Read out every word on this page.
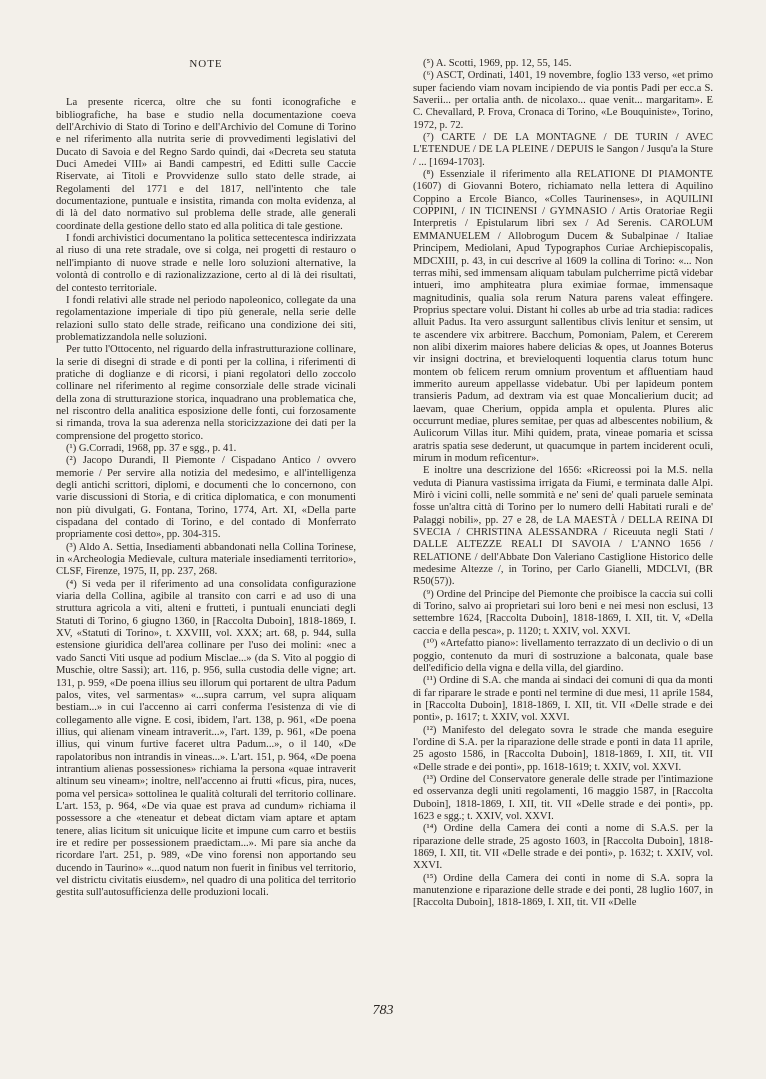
NOTE

La presente ricerca, oltre che su fonti iconografiche e bibliografiche, ha base e studio nella documentazione coeva dell'Archivio di Stato di Torino e dell'Archivio del Comune di Torino e nel riferimento alla nutrita serie di provvedimenti legislativi del Ducato di Savoia e del Regno Sardo quindi, dai «Decreta seu statuta Duci Amedei VIII» ai Bandi campestri, ed Editti sulle Caccie Riservate, ai Titoli e Provvidenze sullo stato delle strade, ai Regolamenti del 1771 e del 1817, nell'intento che tale documentazione, puntuale e insistita, rimanda con molta evidenza, al di là del dato normativo sul problema delle strade, alle generali coordinate della gestione dello stato ed alla politica di tale gestione.

I fondi archivistici documentano la politica settecentesca indirizzata al riuso di una rete stradale, ove si colga, nei progetti di restauro o nell'impianto di nuove strade e nelle loro soluzioni alternative, la volontà di controllo e di razionalizzazione, certo al di là dei risultati, del contesto territoriale.

I fondi relativi alle strade nel periodo napoleonico, collegate da una regolamentazione imperiale di tipo più generale, nella serie delle relazioni sullo stato delle strade, reificano una condizione dei siti, problematizzandola nelle soluzioni.

Per tutto l'Ottocento, nel riguardo della infrastrutturazione collinare, la serie di disegni di strade e di ponti per la collina, i riferimenti di pratiche di doglianze e di ricorsi, i piani regolatori dello zoccolo collinare nel riferimento al regime consorziale delle strade vicinali della zona di strutturazione storica, inquadrano una problematica che, nel riscontro della analitica esposizione delle fonti, cui forzosamente si rimanda, trova la sua aderenza nella storicizzazione dei dati per la comprensione del progetto storico.

(¹) G.Corradi, 1968, pp. 37 e sgg., p. 41.

(²) Jacopo Durandi, Il Piemonte / Cispadano Antico / ovvero memorie / Per servire alla notizia del medesimo, e all'intelligenza degli antichi scrittori, diplomi, e documenti che lo concernono, con varie discussioni di Storia, e di critica diplomatica, e con monumenti non più divulgati, G. Fontana, Torino, 1774, Art. XI, «Della parte cispadana del contado di Torino, e del contado di Monferrato propriamente così detto», pp. 304-315.

(³) Aldo A. Settia, Insediamenti abbandonati nella Collina Torinese, in «Archeologia Medievale, cultura materiale insediamenti territorio», CLSF, Firenze, 1975, II, pp. 237, 268.

(⁴) Si veda per il riferimento ad una consolidata configurazione viaria della Collina, agibile al transito con carri e ad uso di una struttura agricola a viti, alteni e frutteti, i puntuali enunciati degli Statuti di Torino, 6 giugno 1360, in [Raccolta Duboin], 1818-1869, I. XV, «Statuti di Torino», t. XXVIII, vol. XXX; art. 68, p. 944, sulla estensione giuridica dell'area collinare per l'uso dei molini: «nec a vado Sancti Viti usque ad podium Misclae...» (da S. Vito al poggio di Muschie, oltre Sassi); art. 116, p. 956, sulla custodia delle vigne; art. 131, p. 959, «De poena illius seu illorum qui portarent de ultra Padum palos, vites, vel sarmentas» «...supra carrum, vel supra aliquam bestiam...» in cui l'accenno ai carri conferma l'esistenza di vie di collegamento alle vigne. E cosi, ibidem, l'art. 138, p. 961, «De poena illius, qui alienam vineam intraverit...», l'art. 139, p. 961, «De poena illius, qui vinum furtive faceret ultra Padum...», o il 140, «De rapolatoribus non intrandis in vineas...». L'art. 151, p. 964, «De poena intrantium alienas possessiones» richiama la persona «quae intraverit altinum seu vineam»; inoltre, nell'accenno ai frutti «ficus, pira, nuces, poma vel persica» sottolinea le qualità colturali del territorio collinare. L'art. 153, p. 964, «De via quae est prava ad cundum» richiama il possessore a che «teneatur et debeat dictam viam aptare et aptam tenere, alias licitum sit unicuique licite et impune cum carro et bestiis ire et redire per possessionem praedictam...». Mi pare sia anche da ricordare l'art. 251, p. 989, «De vino forensi non apportando seu ducendo in Taurino» «...quod natum non fuerit in finibus vel territorio, vel districtu civitatis eiusdem», nel quadro di una politica del territorio gestita sull'autosufficienza delle produzioni locali.

(⁵) A. Scotti, 1969, pp. 12, 55, 145.

(⁶) ASCT, Ordinati, 1401, 19 novembre, foglio 133 verso, «et primo super faciendo viam novam incipiendo de via pontis Padi per ecc.a S. Saverii... per ortalia anth. de nicolaxo... quae venit... margaritam». E C. Chevallard, P. Frova, Cronaca di Torino, «Le Bouquiniste», Torino, 1972, p. 72.

(⁷) CARTE / DE LA MONTAGNE / DE TURIN / AVEC L'ETENDUE / DE LA PLEINE / DEPUIS le Sangon / Jusqu'a la Sture / ... [1694-1703].

(⁸) Essenziale il riferimento alla RELATIONE DI PIAMONTE (1607) di Giovanni Botero, richiamato nella lettera di Aquilino Coppino a Ercole Bianco, «Colles Taurinenses», in AQUILINI COPPINI, / IN TICINENSI / GYMNASIO / Artis Oratoriae Regii Interpretis / Epistularum libri sex / Ad Serenis. CAROLUM EMMANUELEM / Allobrogum Ducem & Subalpinae / Italiae Principem, Mediolani, Apud Typographos Curiae Archiepiscopalis, MDCXIII, p. 43, in cui descrive al 1609 la collina di Torino: «... Non terras mihi, sed immensam aliquam tabulam pulcherrime pictâ videbar intueri, imo amphiteatra plura eximiae formae, immensaque magnitudinis, qualia sola rerum Natura parens valeat effingere. Proprius spectare volui. Distant hi colles ab urbe ad tria stadia: radices alluit Padus. Ita vero assurgunt sallentibus clivis lenitur et sensim, ut te ascendere vix arbitrere. Bacchum, Pomoniam, Palem, et Cererem non alibi dixerim maiores habere delicias & opes, ut Joannes Boterus vir insigni doctrina, et brevieloquenti loquentia clarus totum hunc montem ob felicem rerum omnium proventum et affluentiam haud immerito aureum appellasse videbatur. Ubi per lapideum pontem transieris Padum, ad dextram via est quae Moncalierium ducit; ad laevam, quae Cherium, oppida ampla et opulenta. Plures alic occurrunt mediae, plures semitae, per quas ad albescentes nobilium, & Aulicorum Villas itur. Mihi quidem, prata, vineae pomaria et scissa aratris spatia sese dederunt, ut quacumque in partem inciderent oculi, mirum in modum reficentur».

E inoltre una descrizione del 1656: «Ricreossi poi la M.S. nella veduta di Pianura vastissima irrigata da Fiumi, e terminata dalle Alpi. Mirò i vicini colli, nelle sommità e ne' seni de' quali paruele seminata fosse un'altra città di Torino per lo numero delli Habitati rurali e de' Palaggi nobili», pp. 27 e 28, de LA MAESTÀ / DELLA REINA DI SVECIA / CHRISTINA ALESSANDRA / Riceuuta negli Stati / DALLE ALTEZZE REALI DI SAVOIA / L'ANNO 1656 / RELATIONE / dell'Abbate Don Valeriano Castiglione Historico delle medesime Altezze /, in Torino, per Carlo Gianelli, MDCLVI, (BR R50(57)).

(⁹) Ordine del Principe del Piemonte che proibisce la caccia sui colli di Torino, salvo ai proprietari sui loro beni e nei mesi non esclusi, 13 settembre 1624, [Raccolta Duboin], 1818-1869, I. XII, tit. V, «Della caccia e della pesca», p. 1120; t. XXIV, vol. XXVI.

(¹⁰) «Artefatto piano»: livellamento terrazzato di un declivio o di un poggio, contenuto da muri di sostruzione a balconata, quale base dell'edificio della vigna e della villa, del giardino.

(¹¹) Ordine di S.A. che manda ai sindaci dei comuni di qua da monti di far riparare le strade e ponti nel termine di due mesi, 11 aprile 1584, in [Raccolta Duboin], 1818-1869, I. XII, tit. VII «Delle strade e dei ponti», p. 1617; t. XXIV, vol. XXVI.

(¹²) Manifesto del delegato sovra le strade che manda eseguire l'ordine di S.A. per la riparazione delle strade e ponti in data 11 aprile, 25 agosto 1586, in [Raccolta Duboin], 1818-1869, I. XII, tit. VII «Delle strade e dei ponti», pp. 1618-1619; t. XXIV, vol. XXVI.

(¹³) Ordine del Conservatore generale delle strade per l'intimazione ed osservanza degli uniti regolamenti, 16 maggio 1587, in [Raccolta Duboin], 1818-1869, I. XII, tit. VII «Delle strade e dei ponti», pp. 1623 e sgg.; t. XXIV, vol. XXVI.

(¹⁴) Ordine della Camera dei conti a nome di S.A.S. per la riparazione delle strade, 25 agosto 1603, in [Raccolta Duboin], 1818-1869, I. XII, tit. VII «Delle strade e dei ponti», p. 1632; t. XXIV, vol. XXVI.

(¹⁵) Ordine della Camera dei conti in nome di S.A. sopra la manutenzione e riparazione delle strade e dei ponti, 28 luglio 1607, in [Raccolta Duboin], 1818-1869, I. XII, tit. VII «Delle

783
